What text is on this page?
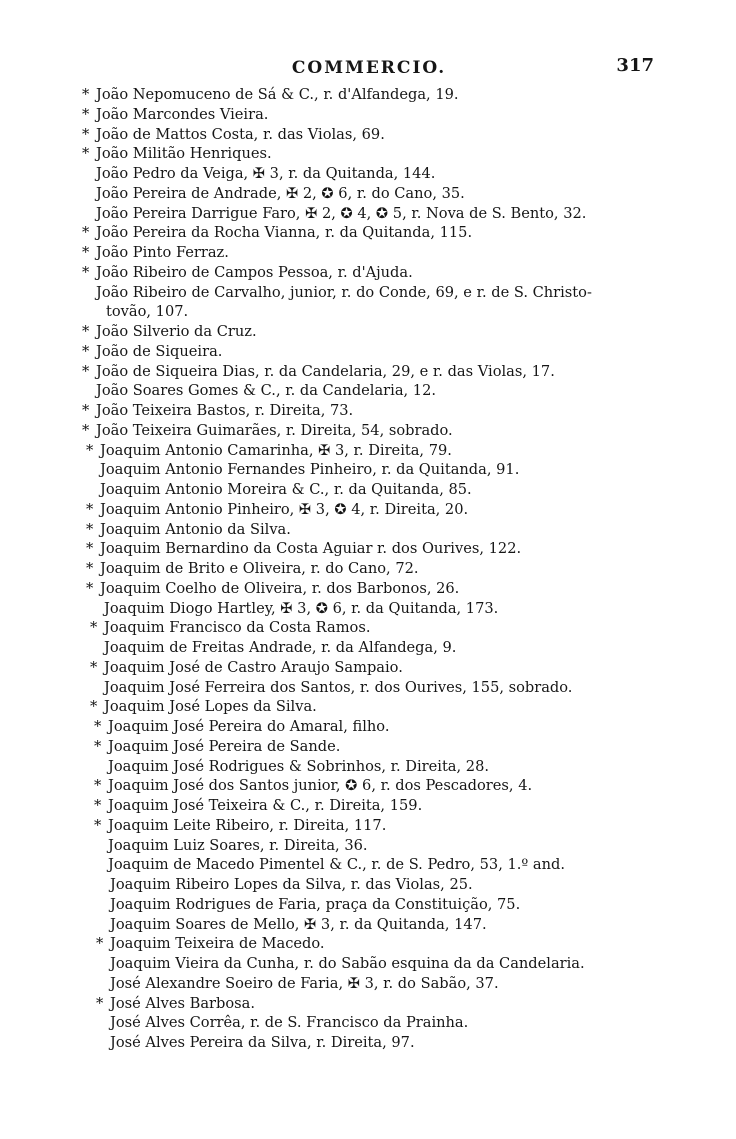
COMMERCIO.	317
* João Nepomuceno de Sá & C., r. d'Alfandega, 19.
* João Marcondes Vieira.
* João de Mattos Costa, r. das Violas, 69.
* João Militão Henriques.
João Pedro da Veiga, ✠ 3, r. da Quitanda, 144.
João Pereira de Andrade, ✠ 2, ✪ 6, r. do Cano, 35.
João Pereira Darrigue Faro, ✠ 2, ✪ 4, ✪ 5, r. Nova de S. Bento, 32.
* João Pereira da Rocha Vianna, r. da Quitanda, 115.
* João Pinto Ferraz.
* João Ribeiro de Campos Pessoa, r. d'Ajuda.
João Ribeiro de Carvalho, junior, r. do Conde, 69, e r. de S. Christo-
tovão, 107.
* João Silverio da Cruz.
* João de Siqueira.
* João de Siqueira Dias, r. da Candelaria, 29, e r. das Violas, 17.
João Soares Gomes & C., r. da Candelaria, 12.
* João Teixeira Bastos, r. Direita, 73.
* João Teixeira Guimarães, r. Direita, 54, sobrado.
* Joaquim Antonio Camarinha, ✠ 3, r. Direita, 79.
Joaquim Antonio Fernandes Pinheiro, r. da Quitanda, 91.
Joaquim Antonio Moreira & C., r. da Quitanda, 85.
* Joaquim Antonio Pinheiro, ✠ 3, ✪ 4, r. Direita, 20.
* Joaquim Antonio da Silva.
* Joaquim Bernardino da Costa Aguiar r. dos Ourives, 122.
* Joaquim de Brito e Oliveira, r. do Cano, 72.
* Joaquim Coelho de Oliveira, r. dos Barbonos, 26.
Joaquim Diogo Hartley, ✠ 3, ✪ 6, r. da Quitanda, 173.
* Joaquim Francisco da Costa Ramos.
Joaquim de Freitas Andrade, r. da Alfandega, 9.
* Joaquim José de Castro Araujo Sampaio.
Joaquim José Ferreira dos Santos, r. dos Ourives, 155, sobrado.
* Joaquim José Lopes da Silva.
* Joaquim José Pereira do Amaral, filho.
* Joaquim José Pereira de Sande.
Joaquim José Rodrigues & Sobrinhos, r. Direita, 28.
* Joaquim José dos Santos junior, ✪ 6, r. dos Pescadores, 4.
* Joaquim José Teixeira & C., r. Direita, 159.
* Joaquim Leite Ribeiro, r. Direita, 117.
Joaquim Luiz Soares, r. Direita, 36.
Joaquim de Macedo Pimentel & C., r. de S. Pedro, 53, 1.º and.
Joaquim Ribeiro Lopes da Silva, r. das Violas, 25.
Joaquim Rodrigues de Faria, praça da Constituição, 75.
Joaquim Soares de Mello, ✠ 3, r. da Quitanda, 147.
* Joaquim Teixeira de Macedo.
Joaquim Vieira da Cunha, r. do Sabão esquina da da Candelaria.
José Alexandre Soeiro de Faria, ✠ 3, r. do Sabão, 37.
* José Alves Barbosa.
José Alves Corrêa, r. de S. Francisco da Prainha.
José Alves Pereira da Silva, r. Direita, 97.
